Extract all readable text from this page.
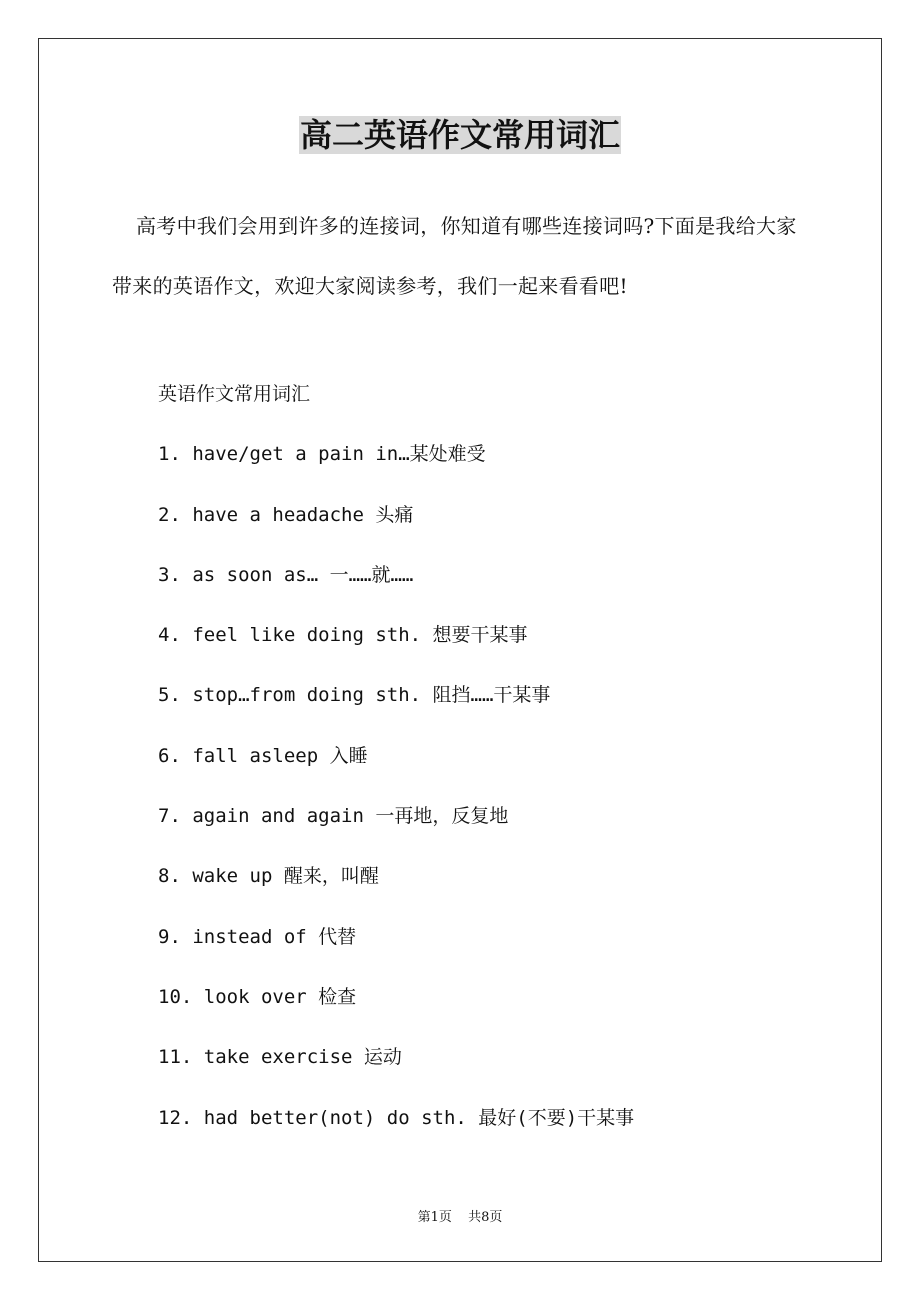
高二英语作文常用词汇
高考中我们会用到许多的连接词，你知道有哪些连接词吗?下面是我给大家带来的英语作文，欢迎大家阅读参考，我们一起来看看吧!
英语作文常用词汇
1. have/get a pain in…某处难受
2. have a headache 头痛
3. as soon as… 一……就……
4. feel like doing sth. 想要干某事
5. stop…from doing sth. 阻挡……干某事
6. fall asleep 入睡
7. again and again 一再地，反复地
8. wake up 醒来，叫醒
9. instead of 代替
10. look over 检查
11. take exercise 运动
12. had better(not) do sth. 最好(不要)干某事
第1页 共8页
